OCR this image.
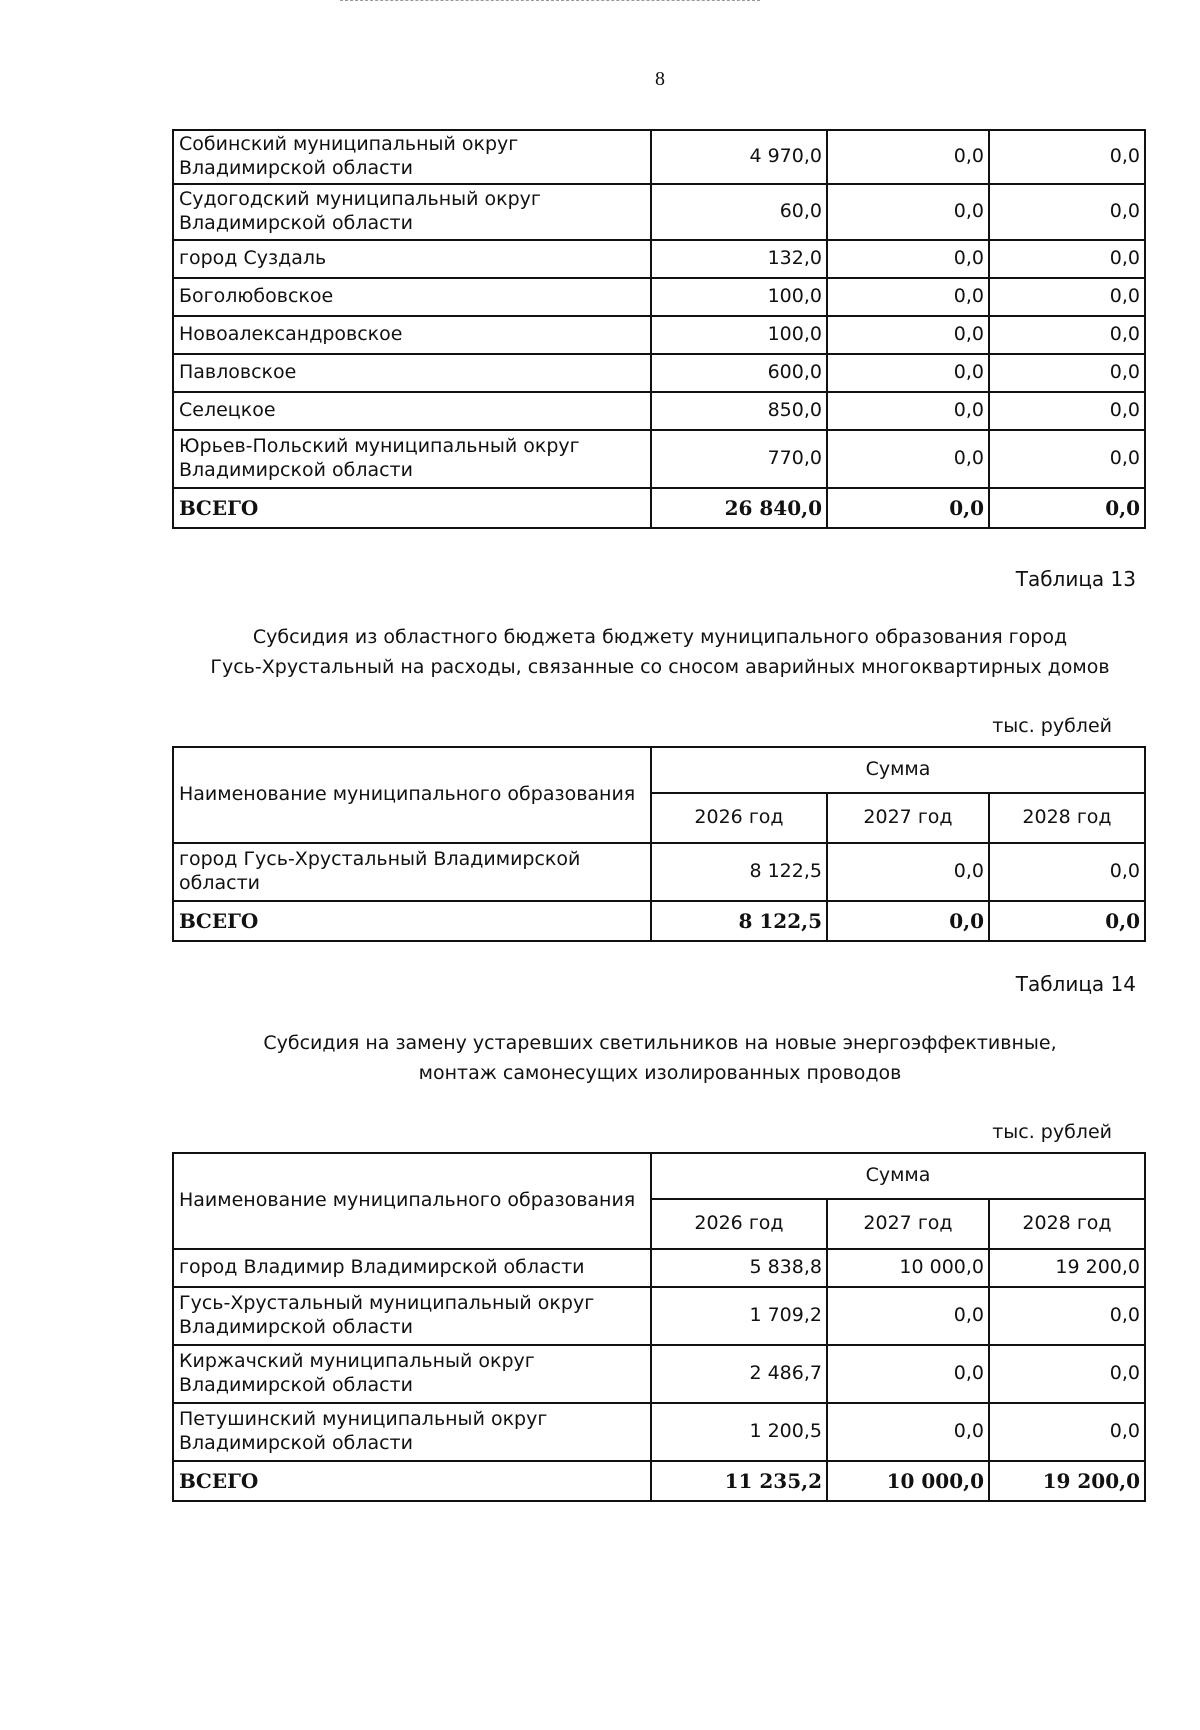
8
Собинский муниципальный округ Владимирской области	4 970,0	0,0	0,0
Судогодский муниципальный округ Владимирской области	60,0	0,0	0,0
город Суздаль	132,0	0,0	0,0
Боголюбовское	100,0	0,0	0,0
Новоалександровское	100,0	0,0	0,0
Павловское	600,0	0,0	0,0
Селецкое	850,0	0,0	0,0
Юрьев-Польский муниципальный округ Владимирской области	770,0	0,0	0,0
ВСЕГО	26 840,0	0,0	0,0
Таблица 13
Субсидия из областного бюджета бюджету муниципального образования город
Гусь-Хрустальный на расходы, связанные со сносом аварийных многоквартирных домов
тыс. рублей
Наименование муниципального образования	Сумма		
	2026 год	2027 год	2028 год
город Гусь-Хрустальный Владимирской области	8 122,5	0,0	0,0
ВСЕГО	8 122,5	0,0	0,0
Таблица 14
Субсидия на замену устаревших светильников на новые энергоэффективные,
монтаж самонесущих изолированных проводов
тыс. рублей
Наименование муниципального образования	Сумма		
	2026 год	2027 год	2028 год
город Владимир Владимирской области	5 838,8	10 000,0	19 200,0
Гусь-Хрустальный муниципальный округ Владимирской области	1 709,2	0,0	0,0
Киржачский муниципальный округ Владимирской области	2 486,7	0,0	0,0
Петушинский муниципальный округ Владимирской области	1 200,5	0,0	0,0
ВСЕГО	11 235,2	10 000,0	19 200,0
